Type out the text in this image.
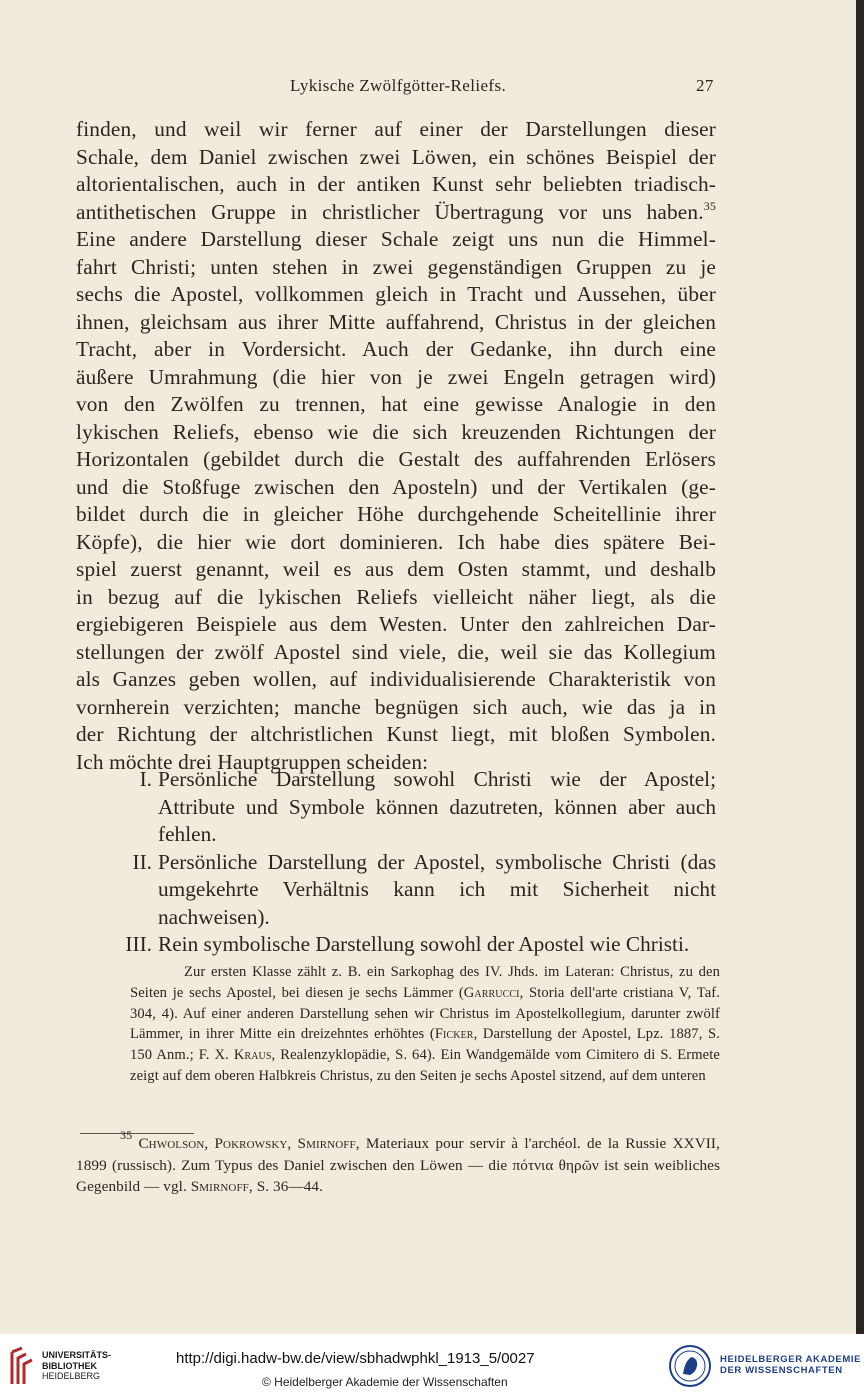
Lykische Zwölfgötter-Reliefs.	27
finden, und weil wir ferner auf einer der Darstellungen dieser
Schale, dem Daniel zwischen zwei Löwen, ein schönes Beispiel der
altorientalischen, auch in der antiken Kunst sehr beliebten triadisch-
antithetischen Gruppe in christlicher Übertragung vor uns haben.$^{35}$
Eine andere Darstellung dieser Schale zeigt uns nun die Himmel-
fahrt Christi; unten stehen in zwei gegenständigen Gruppen zu je
sechs die Apostel, vollkommen gleich in Tracht und Aussehen, über
ihnen, gleichsam aus ihrer Mitte auffahrend, Christus in der gleichen
Tracht, aber in Vordersicht. Auch der Gedanke, ihn durch eine
äußere Umrahmung (die hier von je zwei Engeln getragen wird)
von den Zwölfen zu trennen, hat eine gewisse Analogie in den
lykischen Reliefs, ebenso wie die sich kreuzenden Richtungen der
Horizontalen (gebildet durch die Gestalt des auffahrenden Erlösers
und die Stoßfuge zwischen den Aposteln) und der Vertikalen (ge-
bildet durch die in gleicher Höhe durchgehende Scheitellinie ihrer
Köpfe), die hier wie dort dominieren. Ich habe dies spätere Bei-
spiel zuerst genannt, weil es aus dem Osten stammt, und deshalb
in bezug auf die lykischen Reliefs vielleicht näher liegt, als die
ergiebigeren Beispiele aus dem Westen. Unter den zahlreichen Dar-
stellungen der zwölf Apostel sind viele, die, weil sie das Kollegium
als Ganzes geben wollen, auf individualisierende Charakteristik von
vornherein verzichten; manche begnügen sich auch, wie das ja in
der Richtung der altchristlichen Kunst liegt, mit bloßen Symbolen.
Ich möchte drei Hauptgruppen scheiden:
I. Persönliche Darstellung sowohl Christi wie der Apostel; Attribute und Symbole können dazutreten, können aber auch fehlen.
II. Persönliche Darstellung der Apostel, symbolische Christi (das umgekehrte Verhältnis kann ich mit Sicherheit nicht nachweisen).
III. Rein symbolische Darstellung sowohl der Apostel wie Christi.

Zur ersten Klasse zählt z. B. ein Sarkophag des IV. Jhds. im Lateran: Christus, zu den Seiten je sechs Apostel, bei diesen je sechs Lämmer (Garrucci, Storia dell'arte cristiana V, Taf. 304, 4). Auf einer anderen Darstellung sehen wir Christus im Apostelkollegium, darunter zwölf Lämmer, in ihrer Mitte ein dreizehntes erhöhtes (Ficker, Darstellung der Apostel, Lpz. 1887, S. 150 Anm.; F. X. Kraus, Realenzyklopädie, S. 64). Ein Wandgemälde vom Cimitero di S. Ermete zeigt auf dem oberen Halbkreis Christus, zu den Seiten je sechs Apostel sitzend, auf dem unteren

$^{35}$ Chwolson, Pokrowsky, Smirnoff, Materiaux pour servir à l'archéol. de la Russie XXVII, 1899 (russisch). Zum Typus des Daniel zwischen den Löwen — die πότνια θηρῶν ist sein weibliches Gegenbild — vgl. Smirnoff, S. 36—44.

UNIVERSITÄTS-
BIBLIOTHEK
HEIDELBERG
http://digi.hadw-bw.de/view/sbhadwphkl_1913_5/0027
© Heidelberger Akademie der Wissenschaften
HEIDELBERGER AKADEMIE
DER WISSENSCHAFTEN
